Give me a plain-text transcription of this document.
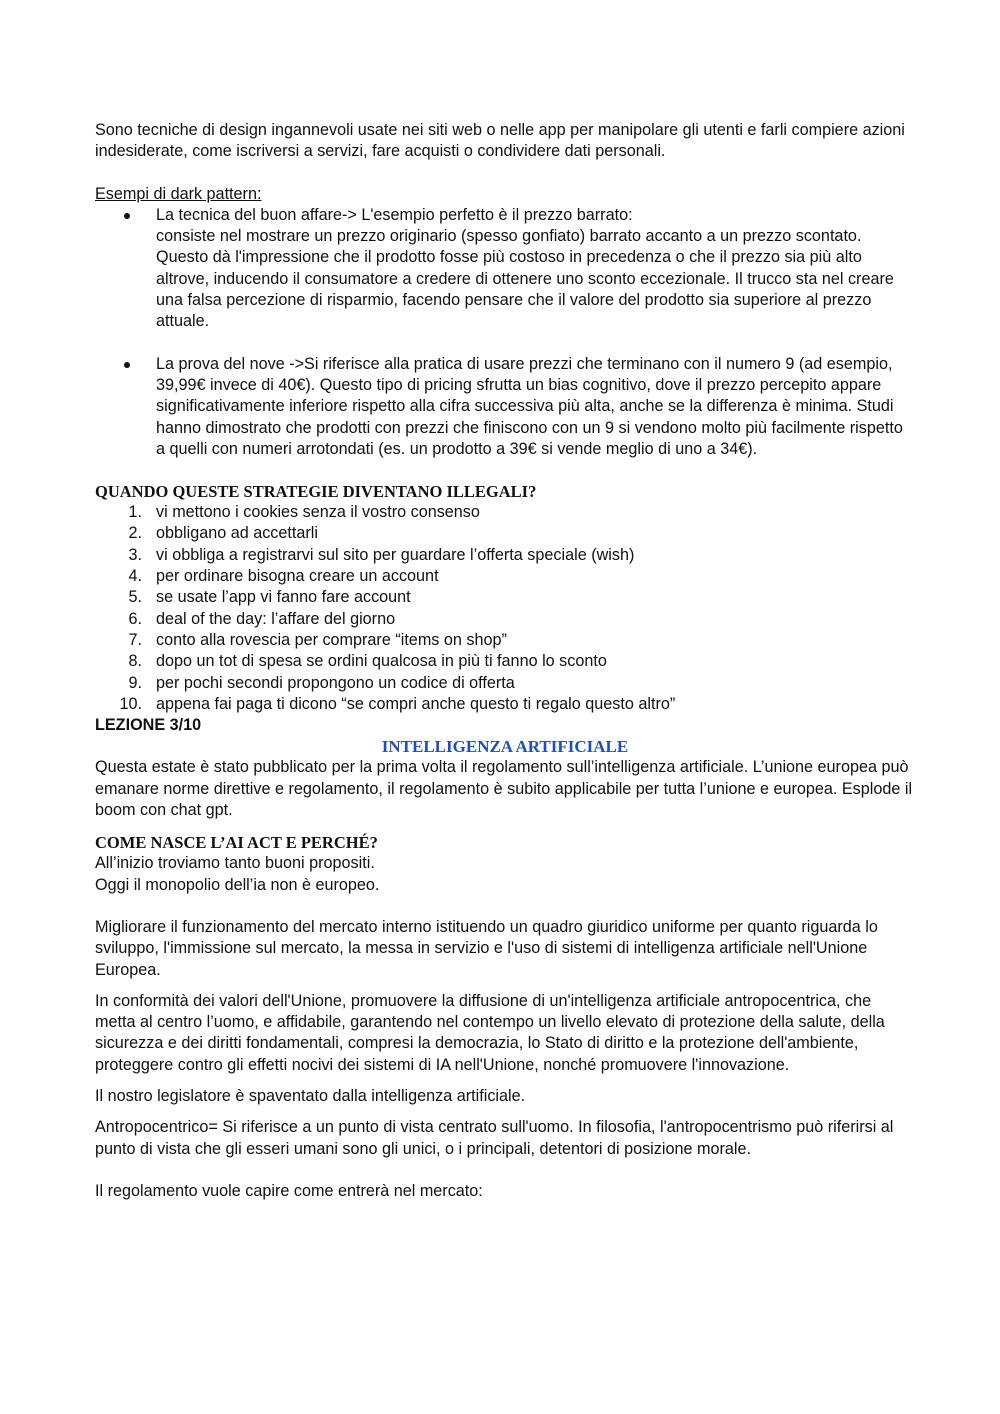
Sono tecniche di design ingannevoli usate nei siti web o nelle app per manipolare gli utenti e farli compiere azioni indesiderate, come iscriversi a servizi, fare acquisti o condividere dati personali.

Esempi di dark pattern:

La tecnica del buon affare-> L'esempio perfetto è il prezzo barrato:
consiste nel mostrare un prezzo originario (spesso gonfiato) barrato accanto a un prezzo scontato. Questo dà l'impressione che il prodotto fosse più costoso in precedenza o che il prezzo sia più alto altrove, inducendo il consumatore a credere di ottenere uno sconto eccezionale. Il trucco sta nel creare una falsa percezione di risparmio, facendo pensare che il valore del prodotto sia superiore al prezzo attuale.
La prova del nove ->Si riferisce alla pratica di usare prezzi che terminano con il numero 9 (ad esempio, 39,99€ invece di 40€). Questo tipo di pricing sfrutta un bias cognitivo, dove il prezzo percepito appare significativamente inferiore rispetto alla cifra successiva più alta, anche se la differenza è minima. Studi hanno dimostrato che prodotti con prezzi che finiscono con un 9 si vendono molto più facilmente rispetto a quelli con numeri arrotondati (es. un prodotto a 39€ si vende meglio di uno a 34€).

QUANDO QUESTE STRATEGIE DIVENTANO ILLEGALI?

1. vi mettono i cookies senza il vostro consenso
2. obbligano ad accettarli
3. vi obbliga a registrarvi sul sito per guardare l’offerta speciale (wish)
4. per ordinare bisogna creare un account
5. se usate l’app vi fanno fare account
6. deal of the day: l’affare del giorno
7. conto alla rovescia per comprare “items on shop”
8. dopo un tot di spesa se ordini qualcosa in più ti fanno lo sconto
9. per pochi secondi propongono un codice di offerta
10. appena fai paga ti dicono “se compri anche questo ti regalo questo altro”

LEZIONE 3/10

INTELLIGENZA ARTIFICIALE

Questa estate è stato pubblicato per la prima volta il regolamento sull’intelligenza artificiale. L’unione europea può emanare norme direttive e regolamento, il regolamento è subito applicabile per tutta l’unione e europea. Esplode il boom con chat gpt.

COME NASCE L’AI ACT E PERCHÉ?

All’inizio troviamo tanto buoni propositi.

Oggi il monopolio dell’ia non è europeo.

Migliorare il funzionamento del mercato interno istituendo un quadro giuridico uniforme per quanto riguarda lo sviluppo, l'immissione sul mercato, la messa in servizio e l'uso di sistemi di intelligenza artificiale nell'Unione Europea.

In conformità dei valori dell'Unione, promuovere la diffusione di un'intelligenza artificiale antropocentrica, che metta al centro l’uomo, e affidabile, garantendo nel contempo un livello elevato di protezione della salute, della sicurezza e dei diritti fondamentali, compresi la democrazia, lo Stato di diritto e la protezione dell'ambiente, proteggere contro gli effetti nocivi dei sistemi di IA nell'Unione, nonché promuovere l'innovazione.

Il nostro legislatore è spaventato dalla intelligenza artificiale.

Antropocentrico= Si riferisce a un punto di vista centrato sull'uomo. In filosofia, l'antropocentrismo può riferirsi al punto di vista che gli esseri umani sono gli unici, o i principali, detentori di posizione morale.

Il regolamento vuole capire come entrerà nel mercato:
